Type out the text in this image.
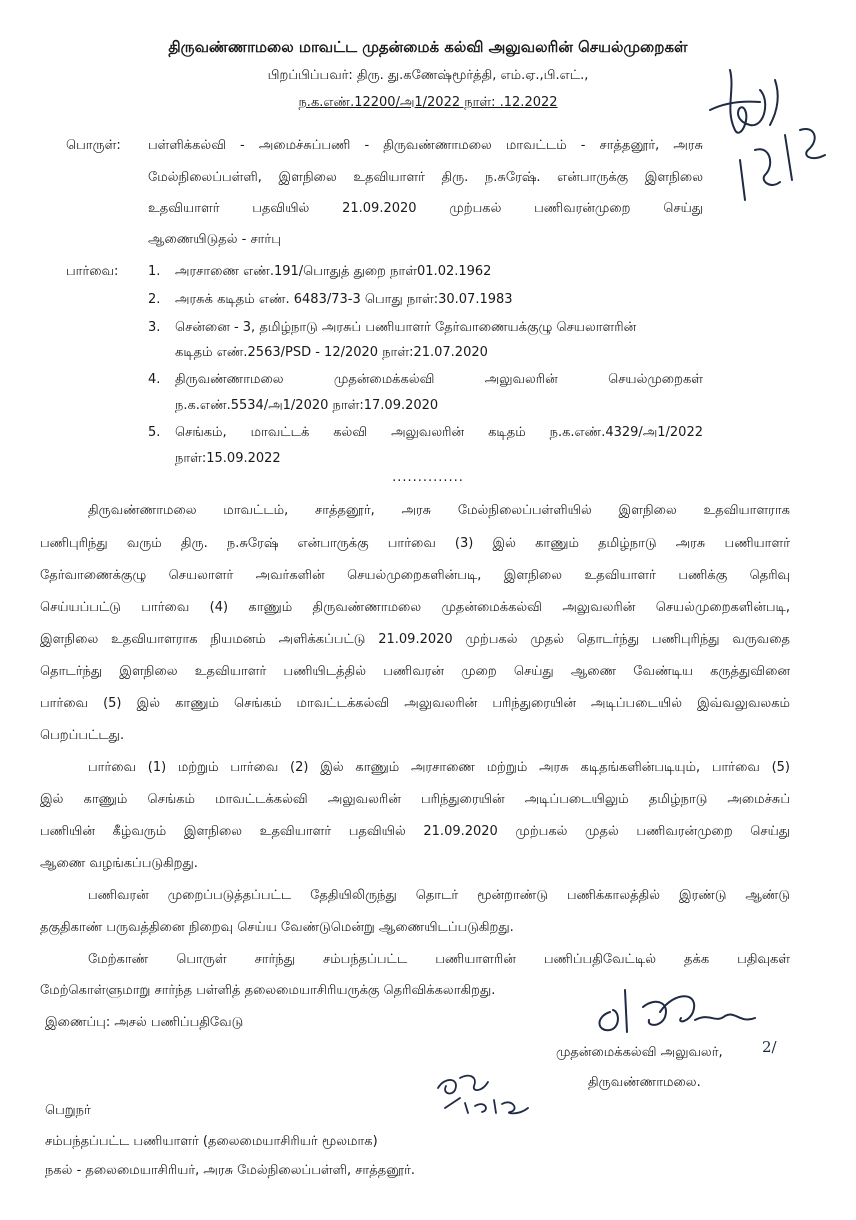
திருவண்ணாமலை மாவட்ட முதன்மைக் கல்வி அலுவலரின் செயல்முறைகள்
பிறப்பிப்பவர்: திரு. து.கணேஷ்மூர்த்தி, எம்.ஏ.,பி.எட்.,
ந.க.எண்.12200/அ1/2022 நாள்: .12.2022
பொருள்: பள்ளிக்கல்வி - அமைச்சுப்பணி - திருவண்ணாமலை மாவட்டம் - சாத்தனூர், அரசு
மேல்நிலைப்பள்ளி, இளநிலை உதவியாளர் திரு. ந.சுரேஷ். என்பாருக்கு இளநிலை
உதவியாளர் பதவியில் 21.09.2020 முற்பகல் பணிவரன்முறை செய்து
ஆணையிடுதல் - சார்பு
பார்வை: 1. அரசாணை எண்.191/பொதுத் துறை நாள்01.02.1962
2. அரசுக் கடிதம் எண். 6483/73-3 பொது நாள்:30.07.1983
3. சென்னை - 3, தமிழ்நாடு அரசுப் பணியாளர் தேர்வாணையக்குழு செயலாளரின்
கடிதம் எண்.2563/PSD - 12/2020 நாள்:21.07.2020
4. திருவண்ணாமலை முதன்மைக்கல்வி அலுவலரின் செயல்முறைகள்
ந.க.எண்.5534/அ1/2020 நாள்:17.09.2020
5. செங்கம், மாவட்டக் கல்வி அலுவலரின் கடிதம் ந.க.எண்.4329/அ1/2022
நாள்:15.09.2022
..............
திருவண்ணாமலை மாவட்டம், சாத்தனூர், அரசு மேல்நிலைப்பள்ளியில் இளநிலை உதவியாளராக
பணிபுரிந்து வரும் திரு. ந.சுரேஷ் என்பாருக்கு பார்வை (3) இல் காணும் தமிழ்நாடு அரசு பணியாளர்
தேர்வாணைக்குழு செயலாளர் அவர்களின் செயல்முறைகளின்படி, இளநிலை உதவியாளர் பணிக்கு தெரிவு
செய்யப்பட்டு பார்வை (4) காணும் திருவண்ணாமலை முதன்மைக்கல்வி அலுவலரின் செயல்முறைகளின்படி,
இளநிலை உதவியாளராக நியமனம் அளிக்கப்பட்டு 21.09.2020 முற்பகல் முதல் தொடர்ந்து பணிபுரிந்து வருவதை
தொடர்ந்து இளநிலை உதவியாளர் பணியிடத்தில் பணிவரன் முறை செய்து ஆணை வேண்டிய கருத்துவினை
பார்வை (5) இல் காணும் செங்கம் மாவட்டக்கல்வி அலுவலரின் பரிந்துரையின் அடிப்படையில் இவ்வலுவலகம்
பெறப்பட்டது.
பார்வை (1) மற்றும் பார்வை (2) இல் காணும் அரசாணை மற்றும் அரசு கடிதங்களின்படியும், பார்வை (5)
இல் காணும் செங்கம் மாவட்டக்கல்வி அலுவலரின் பரிந்துரையின் அடிப்படையிலும் தமிழ்நாடு அமைச்சுப்
பணியின் கீழ்வரும் இளநிலை உதவியாளர் பதவியில் 21.09.2020 முற்பகல் முதல் பணிவரன்முறை செய்து
ஆணை வழங்கப்படுகிறது.
பணிவரன் முறைப்படுத்தப்பட்ட தேதியிலிருந்து தொடர் மூன்றாண்டு பணிக்காலத்தில் இரண்டு ஆண்டு
தகுதிகாண் பருவத்தினை நிறைவு செய்ய வேண்டுமென்று ஆணையிடப்படுகிறது.
மேற்காண் பொருள் சார்ந்து சம்பந்தப்பட்ட பணியாளரின் பணிப்பதிவேட்டில் தக்க பதிவுகள்
மேற்கொள்ளுமாறு சார்ந்த பள்ளித் தலைமையாசிரியருக்கு தெரிவிக்கலாகிறது.
இணைப்பு: அசல் பணிப்பதிவேடு
முதன்மைக்கல்வி அலுவலர்,	2/
திருவண்ணாமலை.
பெறுநர்
சம்பந்தப்பட்ட பணியாளர் (தலைமையாசிரியர் மூலமாக)
நகல் - தலைமையாசிரியர், அரசு மேல்நிலைப்பள்ளி, சாத்தனூர்.
